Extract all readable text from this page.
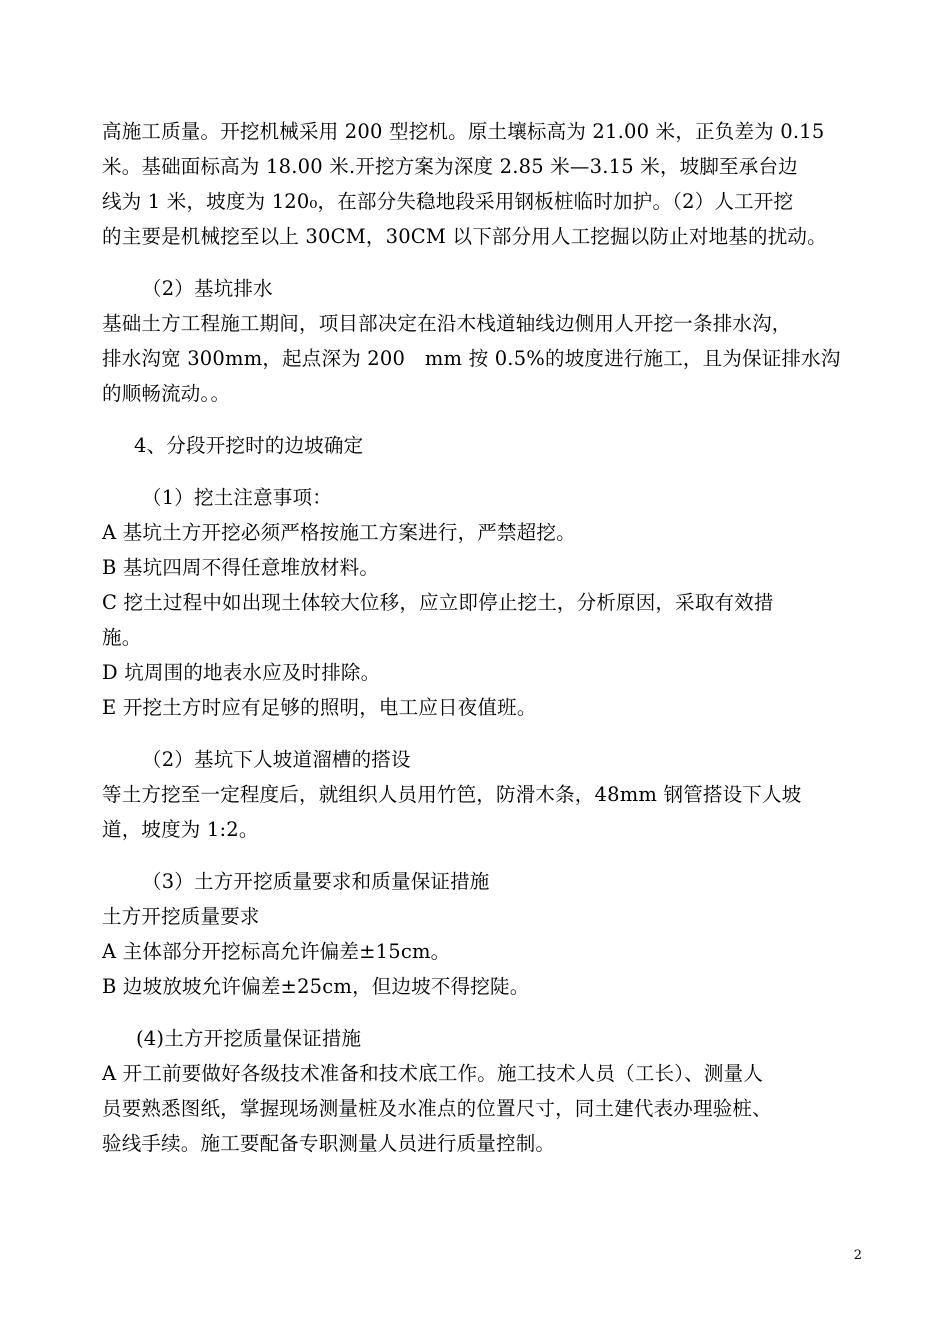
高施工质量。开挖机械采用 200 型挖机。原土壤标高为 21.00 米，正负差为 0.15
米。基础面标高为 18.00 米.开挖方案为深度 2.85 米—3.15 米，坡脚至承台边
线为 1 米，坡度为 120₀，在部分失稳地段采用钢板桩临时加护。（2）人工开挖
的主要是机械挖至以上 30CM，30CM 以下部分用人工挖掘以防止对地基的扰动。

（2）基坑排水

基础土方工程施工期间，项目部决定在沿木栈道轴线边侧用人开挖一条排水沟，
排水沟宽 300mm，起点深为 200　mm 按 0.5%的坡度进行施工，且为保证排水沟
的顺畅流动。。

4、分段开挖时的边坡确定

（1）挖土注意事项：

A 基坑土方开挖必须严格按施工方案进行，严禁超挖。
B 基坑四周不得任意堆放材料。
C 挖土过程中如出现土体较大位移，应立即停止挖土，分析原因，采取有效措
施。
D 坑周围的地表水应及时排除。
E 开挖土方时应有足够的照明，电工应日夜值班。

（2）基坑下人坡道溜槽的搭设

等土方挖至一定程度后，就组织人员用竹笆，防滑木条，48mm 钢管搭设下人坡
道，坡度为 1:2。

（3）土方开挖质量要求和质量保证措施

土方开挖质量要求
A 主体部分开挖标高允许偏差±15cm。
B 边坡放坡允许偏差±25cm，但边坡不得挖陡。

(4)土方开挖质量保证措施

A 开工前要做好各级技术准备和技术底工作。施工技术人员（工长）、测量人
员要熟悉图纸，掌握现场测量桩及水准点的位置尺寸，同土建代表办理验桩、
验线手续。施工要配备专职测量人员进行质量控制。

2
